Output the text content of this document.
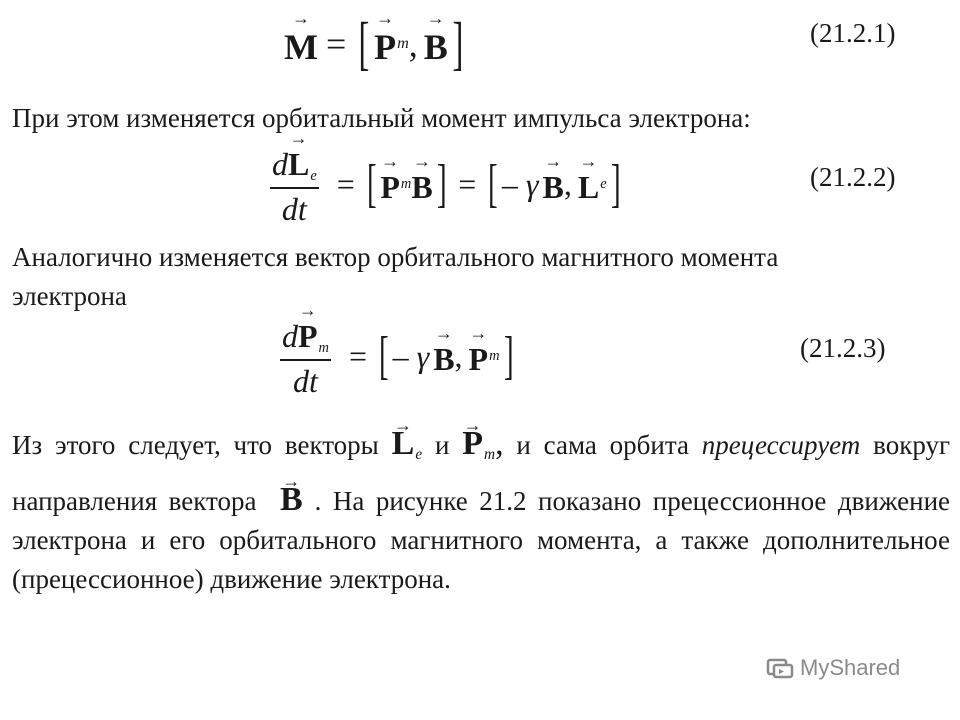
→ M = [ → P m , → B ]	(21.2.1)
При этом изменяется орбитальный момент импульса электрона:
$\frac{d\to L_e}{dt}$ = [ → P m → B ] = [ – γ → B , → L e ]	(21.2.2)
Аналогично изменяется вектор орбитального магнитного момента
электрона
$\frac{d\to P_m}{dt}$ = [ – γ → B , → P m ]	(21.2.3)
Из этого следует, что векторы → $L_e$ $и \to P_m$, и сама орбита прецессирует вокруг направления вектора → B . На рисунке 21.2 показано прецессионное движение электрона и его орбитального магнитного момента, а также дополнительное (прецессионное) движение электрона.
MyShared
